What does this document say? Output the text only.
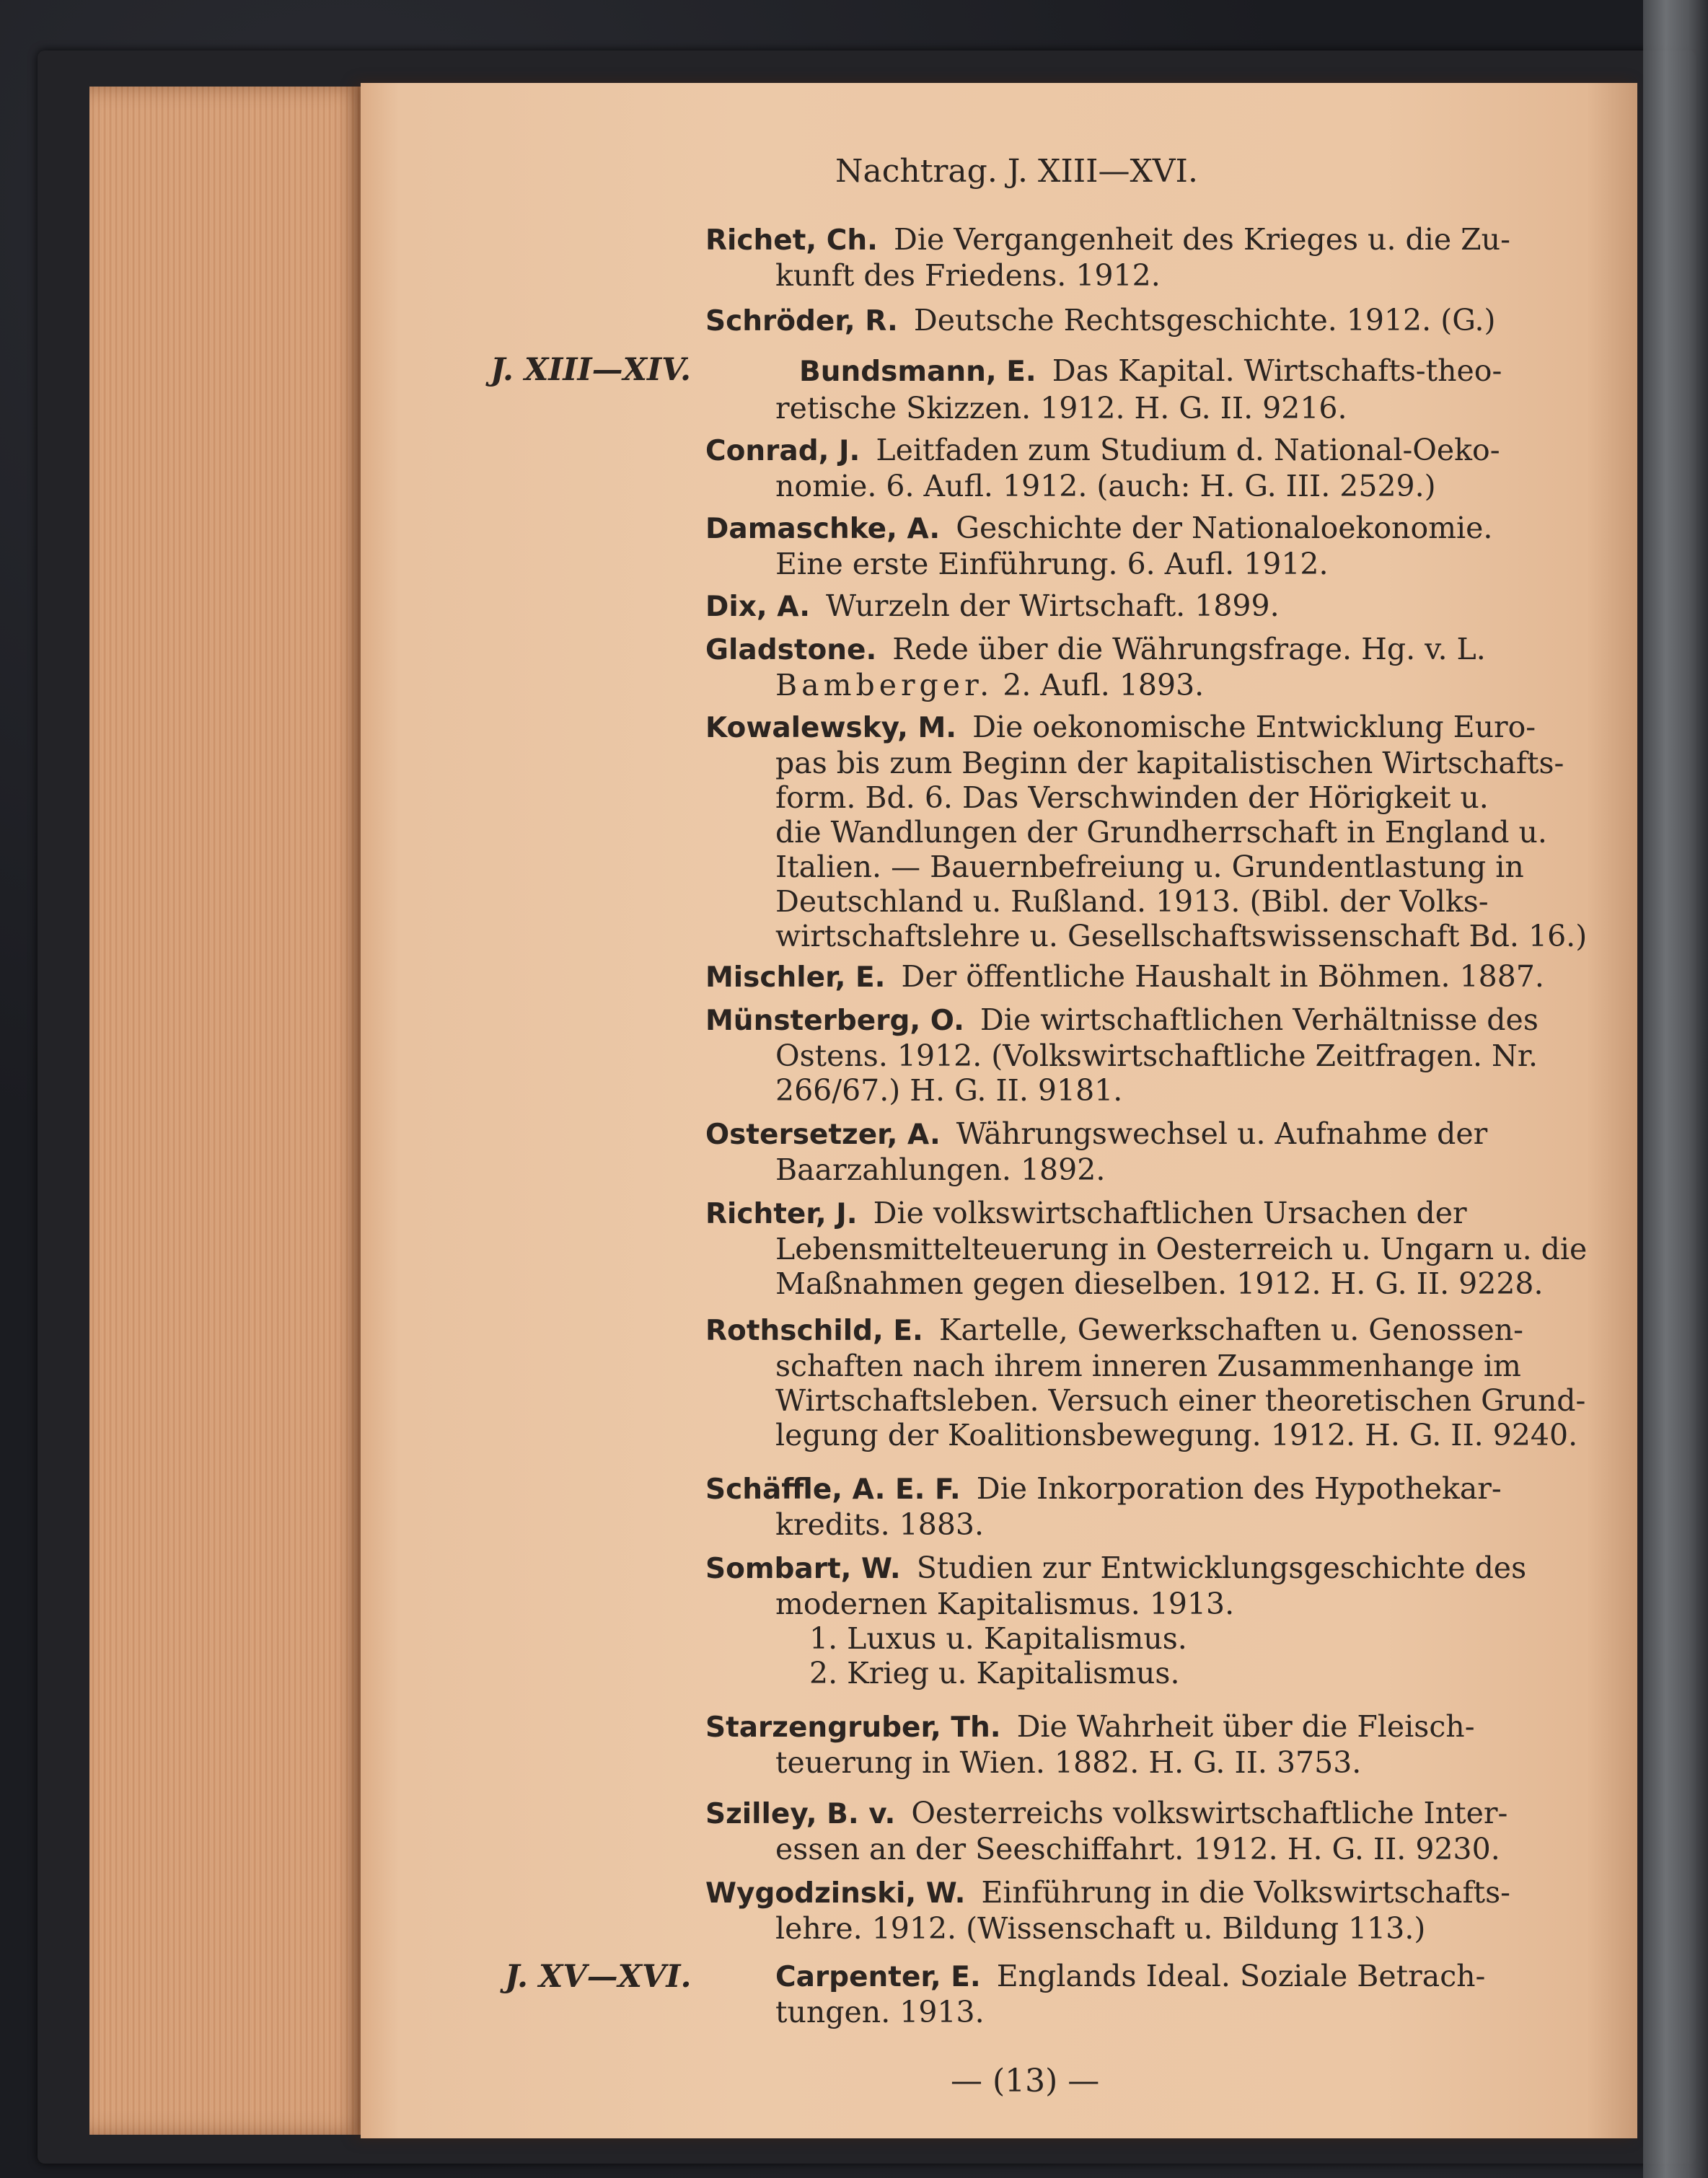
Nachtrag. J. XIII—XVI.
Richet, Ch. Die Vergangenheit des Krieges u. die Zu-
kunft des Friedens. 1912.
Schröder, R. Deutsche Rechtsgeschichte. 1912. (G.)
J. XIII—XIV.	Bundsmann, E. Das Kapital. Wirtschafts-theo-
retische Skizzen. 1912. H. G. II. 9216.
Conrad, J. Leitfaden zum Studium d. National-Oeko-
nomie. 6. Aufl. 1912. (auch: H. G. III. 2529.)
Damaschke, A. Geschichte der Nationaloekonomie.
Eine erste Einführung. 6. Aufl. 1912.
Dix, A. Wurzeln der Wirtschaft. 1899.
Gladstone. Rede über die Währungsfrage. Hg. v. L.
Bamberger. 2. Aufl. 1893.
Kowalewsky, M. Die oekonomische Entwicklung Euro-
pas bis zum Beginn der kapitalistischen Wirtschafts-
form. Bd. 6. Das Verschwinden der Hörigkeit u.
die Wandlungen der Grundherrschaft in England u.
Italien. — Bauernbefreiung u. Grundentlastung in
Deutschland u. Rußland. 1913. (Bibl. der Volks-
wirtschaftslehre u. Gesellschaftswissenschaft Bd. 16.)
Mischler, E. Der öffentliche Haushalt in Böhmen. 1887.
Münsterberg, O. Die wirtschaftlichen Verhältnisse des
Ostens. 1912. (Volkswirtschaftliche Zeitfragen. Nr.
266/67.) H. G. II. 9181.
Ostersetzer, A. Währungswechsel u. Aufnahme der
Baarzahlungen. 1892.
Richter, J. Die volkswirtschaftlichen Ursachen der
Lebensmittelteuerung in Oesterreich u. Ungarn u. die
Maßnahmen gegen dieselben. 1912. H. G. II. 9228.
Rothschild, E. Kartelle, Gewerkschaften u. Genossen-
schaften nach ihrem inneren Zusammenhange im
Wirtschaftsleben. Versuch einer theoretischen Grund-
legung der Koalitionsbewegung. 1912. H. G. II. 9240.
Schäffle, A. E. F. Die Inkorporation des Hypothekar-
kredits. 1883.
Sombart, W. Studien zur Entwicklungsgeschichte des
modernen Kapitalismus. 1913.
1. Luxus u. Kapitalismus.
2. Krieg u. Kapitalismus.
Starzengruber, Th. Die Wahrheit über die Fleisch-
teuerung in Wien. 1882. H. G. II. 3753.
Szilley, B. v. Oesterreichs volkswirtschaftliche Inter-
essen an der Seeschiffahrt. 1912. H. G. II. 9230.
Wygodzinski, W. Einführung in die Volkswirtschafts-
lehre. 1912. (Wissenschaft u. Bildung 113.)
J. XV—XVI.	Carpenter, E. Englands Ideal. Soziale Betrach-
tungen. 1913.
— (13) —
